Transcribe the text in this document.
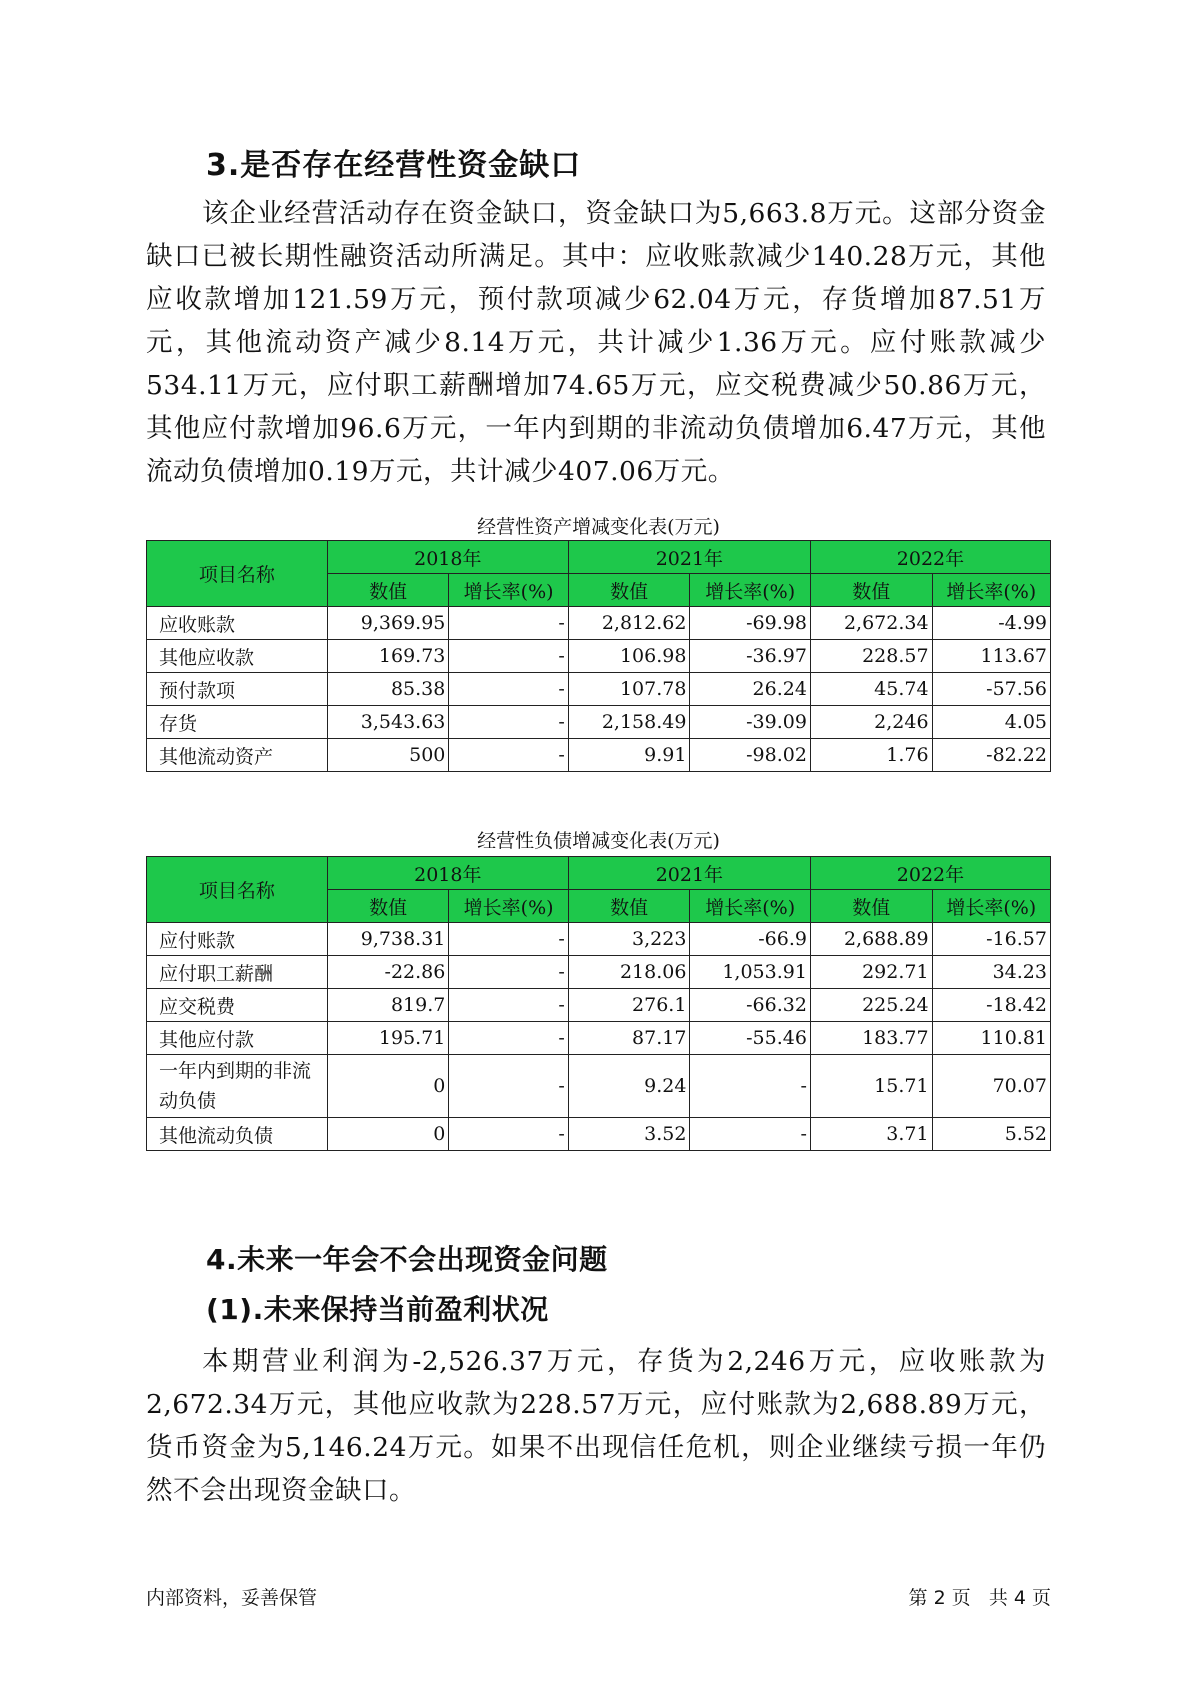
3.是否存在经营性资金缺口

该企业经营活动存在资金缺口，资金缺口为5,663.8万元。这部分资金缺口已被长期性融资活动所满足。其中：应收账款减少140.28万元，其他应收款增加121.59万元，预付款项减少62.04万元，存货增加87.51万元，其他流动资产减少8.14万元，共计减少1.36万元。应付账款减少534.11万元，应付职工薪酬增加74.65万元，应交税费减少50.86万元，其他应付款增加96.6万元，一年内到期的非流动负债增加6.47万元，其他流动负债增加0.19万元，共计减少407.06万元。

经营性资产增减变化表(万元)
项目名称	2018年		2021年		2022年	
	数值	增长率(%)	数值	增长率(%)	数值	增长率(%)
应收账款	9,369.95	-	2,812.62	-69.98	2,672.34	-4.99
其他应收款	169.73	-	106.98	-36.97	228.57	113.67
预付款项	85.38	-	107.78	26.24	45.74	-57.56
存货	3,543.63	-	2,158.49	-39.09	2,246	4.05
其他流动资产	500	-	9.91	-98.02	1.76	-82.22
经营性负债增减变化表(万元)
项目名称	2018年		2021年		2022年	
	数值	增长率(%)	数值	增长率(%)	数值	增长率(%)
应付账款	9,738.31	-	3,223	-66.9	2,688.89	-16.57
应付职工薪酬	-22.86	-	218.06	1,053.91	292.71	34.23
应交税费	819.7	-	276.1	-66.32	225.24	-18.42
其他应付款	195.71	-	87.17	-55.46	183.77	110.81
一年内到期的非流动负债	0	-	9.24	-	15.71	70.07
其他流动负债	0	-	3.52	-	3.71	5.52
4.未来一年会不会出现资金问题
(1).未来保持当前盈利状况

本期营业利润为-2,526.37万元，存货为2,246万元，应收账款为2,672.34万元，其他应收款为228.57万元，应付账款为2,688.89万元，货币资金为5,146.24万元。如果不出现信任危机，则企业继续亏损一年仍然不会出现资金缺口。

内部资料，妥善保管	第 2 页 共 4 页
